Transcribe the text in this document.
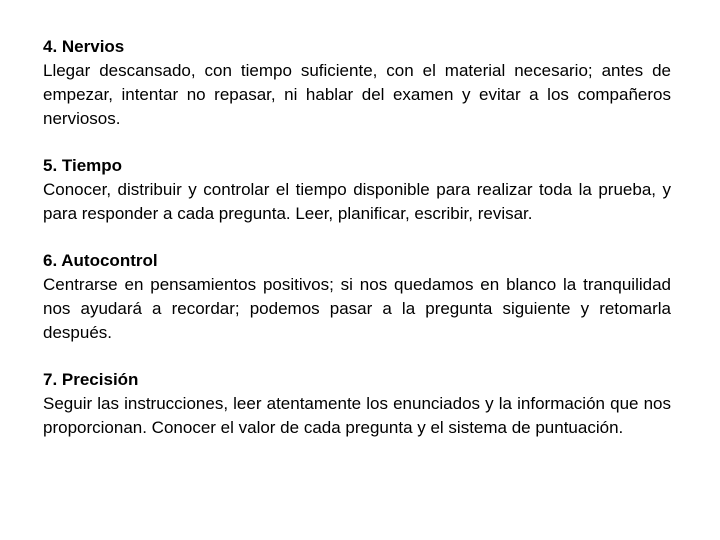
4. Nervios

Llegar descansado, con tiempo suficiente, con el material necesario; antes de empezar, intentar no repasar, ni hablar del examen y evitar a los compañeros nerviosos.

5. Tiempo

Conocer, distribuir y controlar el tiempo disponible para realizar toda la prueba, y para responder a cada pregunta. Leer, planificar, escribir, revisar.

6. Autocontrol

Centrarse en pensamientos positivos; si nos quedamos en blanco la tranquilidad nos ayudará a recordar; podemos pasar a la pregunta siguiente y retomarla después.

7. Precisión

Seguir las instrucciones, leer atentamente los enunciados y la información que nos proporcionan. Conocer el valor de cada pregunta y el sistema de puntuación.
